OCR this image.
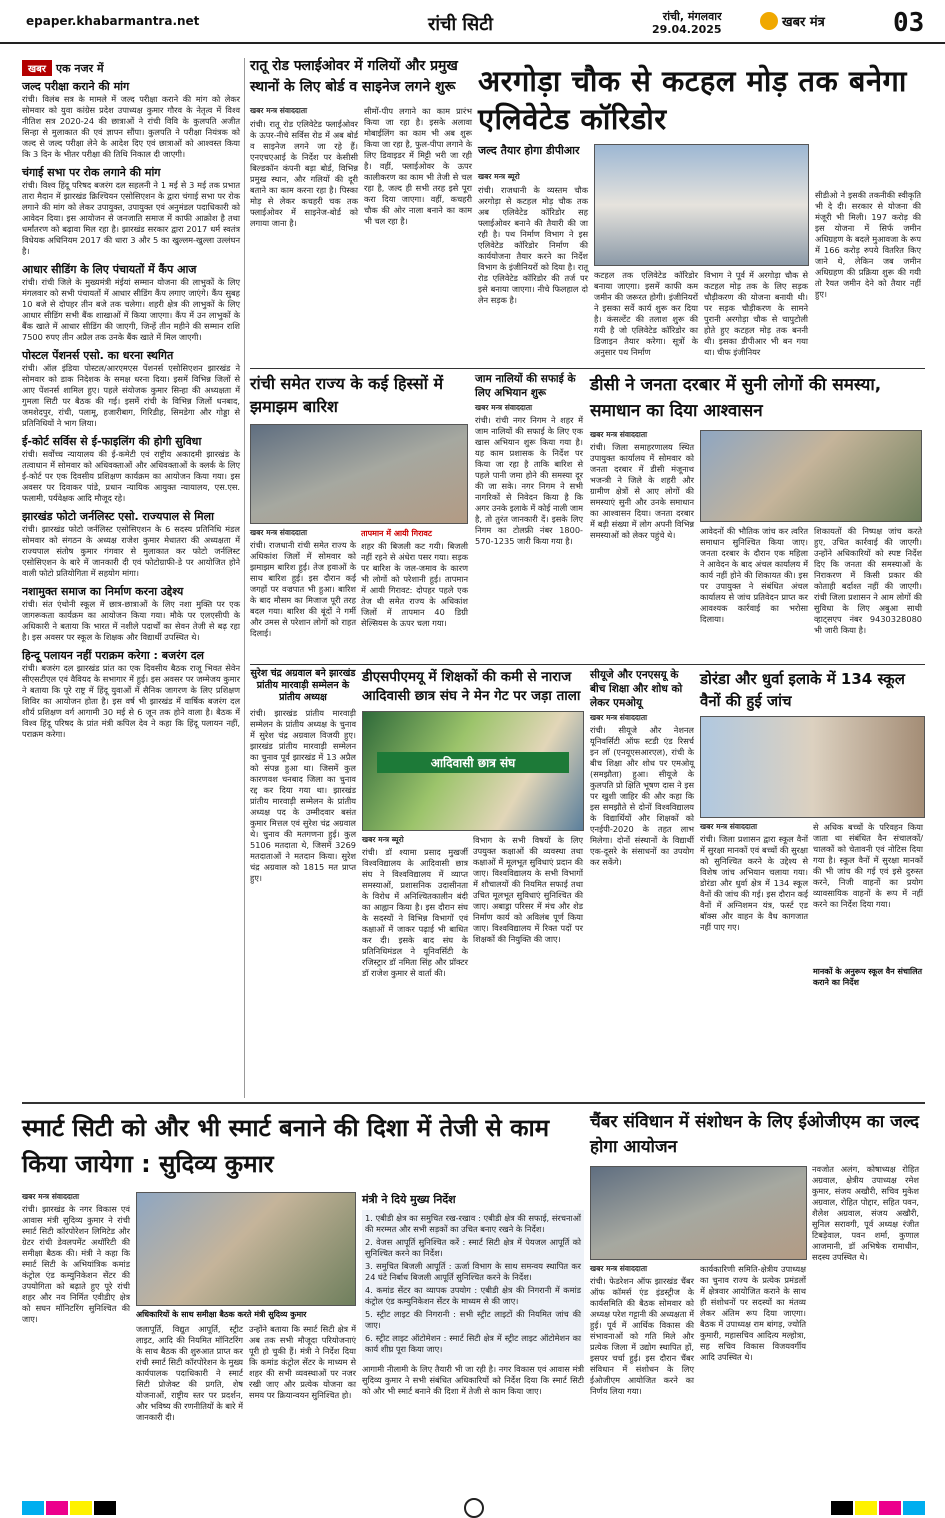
epaper.khabarmantra.net	रांची सिटी	रांची, मंगलवार
29.04.2025	खबर मंत्र	03
खबर एक नजर में
जल्द परीक्षा कराने की मांग
रांची। विलंब सत्र के मामले में जल्द परीक्षा कराने की मांग को लेकर सोमवार को युवा कांग्रेस प्रदेश उपाध्यक्ष कुमार गौरव के नेतृत्व में विश्व नीतिश सत्र 2020-24 की छात्राओं ने रांची विवि के कुलपति अजीत सिन्हा से मुलाकात की एवं ज्ञापन सौंपा। कुलपति ने परीक्षा नियंत्रक को जल्द से जल्द परीक्षा लेने के आदेश दिए एवं छात्राओं को आश्वस्त किया कि 3 दिन के भीतर परीक्षा की तिथि निकाल दी जाएगी।
चंगाई सभा पर रोक लगाने की मांग
रांची। विश्व हिंदू परिषद बजरंग दल सहलनी ने 1 मई से 3 मई तक प्रभात तारा मैदान में झारखंड क्रिश्चियन एसोसिएशन के द्वारा चंगाई सभा पर रोक लगाने की मांग को लेकर उपायुक्त, उपायुक्त एवं अनुमंडल पदाधिकारी को आवेदन दिया। इस आयोजन से जनजाति समाज में काफी आक्रोश है तथा धर्मांतरण को बढ़ावा मिल रहा है। झारखंड सरकार द्वारा 2017 धर्म स्वतंत्र विधेयक अधिनियम 2017 की धारा 3 और 5 का खुल्लम-खुल्ला उल्लंघन है।
आधार सीडिंग के लिए पंचायतों में कैंप आज
रांची। रांची जिले के मुख्यमंत्री मंईयां सम्मान योजना की लाभुकों के लिए मंगलवार को सभी पंचायतों में आधार सीडिंग कैंप लगाए जाएंगे। कैंप सुबह 10 बजे से दोपहर तीन बजे तक चलेगा। शहरी क्षेत्र की लाभुकों के लिए आधार सीडिंग सभी बैंक शाखाओं में किया जाएगा। कैंप में उन लाभुकों के बैंक खाते में आधार सीडिंग की जाएगी, जिन्हें तीन महीने की सम्मान राशि 7500 रुपए तीन अप्रैल तक उनके बैंक खाते में मिल जाएगी।
पोस्टल पेंशनर्स एसो. का धरना स्थगित
रांची। ऑल इंडिया पोस्टल/आरएमएस पेंशनर्स एसोसिएशन झारखंड ने सोमवार को डाक निदेशक के समक्ष धरना दिया। इसमें विभिन्न जिलों से आए पेंशनर्स शामिल हुए। पहले संयोजक कुमार सिन्हा की अध्यक्षता में गुमला सिटी पर बैठक की गई। इसमें रांची के विभिन्न जिलों धनबाद, जमशेदपुर, रांची, पलामू, हजारीबाग, गिरिडीह, सिमडेगा और गोड्डा से प्रतिनिधियों ने भाग लिया।
ई-कोर्ट सर्विस से ई-फाइलिंग की होगी सुविधा
रांची। सर्वोच्च न्यायालय की ई-कमेटी एवं राष्ट्रीय अकादमी झारखंड के तत्वाधान में सोमवार को अधिवक्ताओं और अधिवक्ताओं के क्लर्क के लिए ई-कोर्ट पर एक दिवसीय प्रशिक्षण कार्यक्रम का आयोजन किया गया। इस अवसर पर दिवाकर पांडे, प्रधान न्यायिक आयुक्त न्यायालय, एस.एस. फलामी, पर्यवेक्षक आदि मौजूद रहे।
झारखंड फोटो जर्नलिस्ट एसो. राज्यपाल से मिला
रांची। झारखंड फोटो जर्नलिस्ट एसोसिएशन के 6 सदस्य प्रतिनिधि मंडल सोमवार को संगठन के अध्यक्ष राजेश कुमार मेधातरा की अध्यक्षता में राज्यपाल संतोष कुमार गंगवार से मुलाकात कर फोटो जर्नलिस्ट एसोसिएशन के बारे में जानकारी दी एवं फोटोग्राफी-डे पर आयोजित होने वाली फोटो प्रतियोगिता में सहयोग मांगा।
नशामुक्त समाज का निर्माण करना उद्देश्य
रांची। संत एंथोनी स्कूल में छात्र-छात्राओं के लिए नशा मुक्ति पर एक जागरूकता कार्यक्रम का आयोजन किया गया। मौके पर एलएसीपी के अधिकारी ने बताया कि भारत में नशीले पदार्थों का सेवन तेजी से बढ़ रहा है। इस अवसर पर स्कूल के शिक्षक और विद्यार्थी उपस्थित थे।
हिन्दू पलायन नहीं पराक्रम करेगा : बजरंग दल
रांची। बजरंग दल झारखंड प्रांत का एक दिवसीय बैठक राजू भिवत सेवेन सीएसटीएल एवं वैवियद के सभागार में हुई। इस अवसर पर जम्मेजय कुमार ने बताया कि पूरे राष्ट्र में हिंदू युवाओं में सैनिक जागरण के लिए प्रशिक्षण शिविर का आयोजन होता है। इस वर्ष भी झारखंड में वार्षिक बजरंग दल शौर्य प्रशिक्षण वर्ग आगामी 30 मई से 6 जून तक होने वाला है। बैठक में विश्व हिंदू परिषद के प्रांत मंत्री कपिल देव ने कहा कि हिंदू पलायन नहीं, पराक्रम करेगा।
रातू रोड फ्लाईओवर में गलियों और प्रमुख स्थानों के लिए बोर्ड व साइनेज लगने शुरू
खबर मन्त्र संवाददाता
रांची। रातू रोड एलिवेटेड फ्लाईओवर के ऊपर-नीचे सर्विस रोड में अब बोर्ड व साइनेज लगने जा रहे हैं। एनएचएआई के निर्देश पर केसीसी बिल्डकॉन कंपनी बड़ा बोर्ड, विभिन्न प्रमुख स्थान, और गलियों की दूरी बताने का काम करना रहा है। पिस्का मोड़ से लेकर कचहरी चक तक फ्लाईओवर में साइनेज-बोर्ड को लगाया जाना है।
सीमों-पीप लगाने का काम प्रारंभ किया जा रहा है। इसके अलावा मोबाईलिंग का काम भी अब शुरू किया जा रहा है, फुल-पीपा लगाने के लिए डिवाइडर में मिट्टी भरी जा रही है। वहीं, फ्लाईओवर के ऊपर कालीकरण का काम भी तेजी से चल रहा है, जल्द ही सभी तरह इसे पूरा करा दिया जाएगा। वहीं, कचहरी चौक की ओर नाला बनाने का काम भी चल रहा है।
अरगोड़ा चौक से कटहल मोड़ तक बनेगा एलिवेटेड कॉरिडोर
जल्द तैयार होगा डीपीआर
खबर मन्त्र ब्यूरो
रांची। राजधानी के व्यस्तम चौक अरगोड़ा से कटहल मोड़ चौक तक अब एलिवेटेड कॉरिडोर सह फ्लाईओवर बनाने की तैयारी की जा रही है। पथ निर्माण विभाग ने इस एलिवेटेड कॉरिडोर निर्माण की कार्ययोजना तैयार करने का निर्देश विभाग के इंजीनियरों को दिया है। रातू रोड एलिवेटेड कॉरिडोर की तर्ज पर इसे बनाया जाएगा। नीचे फिलहाल दो लेन सड़क है।
कटहल तक एलिवेटेड कॉरिडोर बनाया जाएगा। इसमें काफी कम जमीन की जरूरत होगी। इंजीनियरों ने इसका सर्वे कार्य शुरू कर दिया है। कंसल्टेंट की तलाश शुरू की गयी है जो एलिवेटेड कॉरिडोर का डिजाइन तैयार करेगा। सूत्रों के अनुसार पथ निर्माण
विभाग ने पूर्व में अरगोड़ा चौक से कटहल मोड़ तक के लिए सड़क चौड़ीकरण की योजना बनायी थी। पर सड़क चौड़ीकरण के सामने पुरानी अरगोड़ा चौक से चापुटोली होते हुए कटहल मोड़ तक बननी थी। इसका डीपीआर भी बन गया था। चीफ इंजीनियर
सीडीओ ने इसकी तकनीकी स्वीकृति भी दे दी। सरकार से योजना की मंजूरी भी मिली। 197 करोड़ की इस योजना में सिर्फ जमीन अधिग्रहण के बदले मुआवजा के रूप में 166 करोड़ रुपये वितरित किए जाने थे, लेकिन जब जमीन अधिग्रहण की प्रक्रिया शुरू की गयी तो रैयत जमीन देने को तैयार नहीं हुए।
रांची समेत राज्य के कई हिस्सों में झमाझम बारिश
खबर मन्त्र संवाददाता
रांची। राजधानी रांची समेत राज्य के अधिकांश जिलों में सोमवार को झमाझम बारिश हुई। तेज हवाओं के साथ बारिश हुई। इस दौरान कई जगहों पर वज्रपात भी हुआ। बारिश के बाद मौसम का मिजाज पूरी तरह बदल गया। बारिश की बूंदों ने गर्मी और उमस से परेशान लोगों को राहत दिलाई।
तापमान में आयी गिरावट
शहर की बिजली कट गयी। बिजली नहीं रहने से अंधेरा पसर गया। सड़क पर बारिश के जल-जमाव के कारण भी लोगों को परेशानी हुई। तापमान में आयी गिरावट: दोपहर पहले एक तेज थी समेत राज्य के अधिकांश जिलों में तापमान 40 डिग्री सेल्सियस के ऊपर चला गया।
जाम नालियों की सफाई के लिए अभियान शुरू
खबर मन्त्र संवाददाता
रांची। रांची नगर निगम ने शहर में जाम नालियों की सफाई के लिए एक खास अभियान शुरू किया गया है। यह काम प्रशासक के निर्देश पर किया जा रहा है ताकि बारिश से पहले पानी जमा होने की समस्या दूर की जा सके। नगर निगम ने सभी नागरिकों से निवेदन किया है कि अगर उनके इलाके में कोई नाली जाम है, तो तुरंत जानकारी दें। इसके लिए निगम का टोलफ्री नंबर 1800-570-1235 जारी किया गया है।
डीसी ने जनता दरबार में सुनी लोगों की समस्या, समाधान का दिया आश्वासन
खबर मन्त्र संवाददाता
रांची। जिला समाहरणालय स्थित उपायुक्त कार्यालय में सोमवार को जनता दरबार में डीसी मंजूनाथ भजन्त्री ने जिले के शहरी और ग्रामीण क्षेत्रों से आए लोगों की समस्याएं सुनी और उनके समाधान का आश्वासन दिया। जनता दरबार में बड़ी संख्या में लोग अपनी विभिन्न समस्याओं को लेकर पहुंचे थे।	आवेदनों की भौतिक जांच कर त्वरित समाधान सुनिश्चित किया जाए। जनता दरबार के दौरान एक महिला ने आवेदन के बाद अंचल कार्यालय में कार्य नहीं होने की शिकायत की। इस पर उपायुक्त ने संबंधित अंचल कार्यालय से जांच प्रतिवेदन प्राप्त कर आवश्यक कार्रवाई का भरोसा दिलाया।
शिकायतों की निष्पक्ष जांच करते हुए, उचित कार्रवाई की जाएगी। उन्होंने अधिकारियों को स्पष्ट निर्देश दिए कि जनता की समस्याओं के निराकरण में किसी प्रकार की कोताही बर्दाश्त नहीं की जाएगी। रांची जिला प्रशासन ने आम लोगों की सुविधा के लिए अबुआ साथी व्हाट्सएप नंबर 9430328080 भी जारी किया है।
सुरेश चंद्र अग्रवाल बने झारखंड प्रांतीय मारवाड़ी सम्मेलन के प्रांतीय अध्यक्ष
रांची। झारखंड प्रांतीय मारवाड़ी सम्मेलन के प्रांतीय अध्यक्ष के चुनाव में सुरेश चंद्र अग्रवाल विजयी हुए। झारखंड प्रांतीय मारवाड़ी सम्मेलन का चुनाव पूर्व झारखंड में 13 अप्रैल को संपन्न हुआ था। जिसमें कुल कारणवश चनबाद जिला का चुनाव रद्द कर दिया गया था। झारखंड प्रांतीय मारवाड़ी सम्मेलन के प्रांतीय अध्यक्ष पद के उम्मीदवार बसंत कुमार मित्तल एवं सुरेश चंद्र अग्रवाल थे। चुनाव की मतगणना हुई। कुल 5106 मतदाता थे, जिसमें 3269 मतदाताओं ने मतदान किया। सुरेश चंद्र अग्रवाल को 1815 मत प्राप्त हुए।
डीएसपीएमयू में शिक्षकों की कमी से नाराज आदिवासी छात्र संघ ने मेन गेट पर जड़ा ताला
आदिवासी छात्र संघ
खबर मन्त्र ब्यूरो
रांची। डॉ श्यामा प्रसाद मुखर्जी विश्वविद्यालय के आदिवासी छात्र संघ ने विश्वविद्यालय में व्याप्त समस्याओं, प्रशासनिक उदासीनता के विरोध में अनिश्चितकालीन बंदी का आह्वान किया है। इस दौरान संघ के सदस्यों ने विभिन्न विभागों एवं कक्षाओं में जाकर पढ़ाई भी बाधित कर दी। इसके बाद संघ के प्रतिनिधिमंडल ने यूनिवर्सिटी के रजिस्ट्रार डॉ नमिता सिंह और प्रॉक्टर डॉ राजेश कुमार से वार्ता की।
विभाग के सभी विषयों के लिए उपयुक्त कक्षाओं की व्यवस्था तथा कक्षाओं में मूलभूत सुविधाएं प्रदान की जाए। विश्वविद्यालय के सभी विभागों में शौचालयों की नियमित सफाई तथा उचित मूलभूत सुविधाएं सुनिश्चित की जाए। अबाड्रा परिसर में मंच और शेड निर्माण कार्य को अविलंब पूर्ण किया जाए। विश्वविद्यालय में रिक्त पदों पर शिक्षकों की नियुक्ति की जाए।
सीयूजे और एनएसयू के बीच शिक्षा और शोध को लेकर एमओयू
खबर मन्त्र संवाददाता
रांची। सीयूजे और नेशनल यूनिवर्सिटी ऑफ स्टडी एंड रिसर्च इन लॉ (एनयूएसआरएल), रांची के बीच शिक्षा और शोध पर एमओयू (समझौता) हुआ। सीयूजे के कुलपति प्रो क्षिति भूषण दास ने इस पर खुशी जाहिर की और कहा कि इस समझौते से दोनों विश्वविद्यालय के विद्यार्थियों और शिक्षकों को एनईपी-2020 के तहत लाभ मिलेगा। दोनों संस्थानों के विद्यार्थी एक-दूसरे के संसाधनों का उपयोग कर सकेंगे।
डोरंडा और धुर्वा इलाके में 134 स्कूल वैनों की हुई जांच
खबर मन्त्र संवाददाता
रांची। जिला प्रशासन द्वारा स्कूल वैनों में सुरक्षा मानकों एवं बच्चों की सुरक्षा को सुनिश्चित करने के उद्देश्य से विशेष जांच अभियान चलाया गया। डोरंडा और धुर्वा क्षेत्र में 134 स्कूल वैनों की जांच की गई। इस दौरान कई वैनों में अग्निशमन यंत्र, फर्स्ट एड बॉक्स और वाहन के वैध कागजात नहीं पाए गए।
से अधिक बच्चों के परिवहन किया जाता था संबंधित वैन संचालकों/ चालकों को चेतावनी एवं नोटिस दिया गया है। स्कूल वैनों में सुरक्षा मानकों की भी जांच की गई एवं इसे दुरुस्त करने, निजी वाहनों का प्रयोग व्यावसायिक वाहनों के रूप में नहीं करने का निर्देश दिया गया।
मानकों के अनुरूप स्कूल वैन संचालित कराने का निर्देश
स्मार्ट सिटी को और भी स्मार्ट बनाने की दिशा में तेजी से काम किया जायेगा : सुदिव्य कुमार
खबर मन्त्र संवाददाता
रांची। झारखंड के नगर विकास एवं आवास मंत्री सुदिव्य कुमार ने रांची स्मार्ट सिटी कॉरपोरेशन लिमिटेड और ग्रेटर रांची डेवलपमेंट अथॉरिटी की समीक्षा बैठक की। मंत्री ने कहा कि स्मार्ट सिटी के अभियांत्रिक कमांड कंट्रोल एंड कम्युनिकेशन सेंटर की उपयोगिता को बढ़ाते हुए पूरे रांची शहर और नव निर्मित एवीडीए क्षेत्र को सघन मॉनिटरिंग सुनिश्चित की जाए।	अधिकारियों के साथ समीक्षा बैठक करते मंत्री सुदिव्य कुमार
जलापूर्ति, विद्युत आपूर्ति, स्ट्रीट लाइट, आदि की नियमित मॉनिटरिंग के साथ बैठक की शुरुआत प्राप्त कर रांची स्मार्ट सिटी कॉरपोरेशन के मुख्य कार्यपालक पदाधिकारी ने स्मार्ट सिटी प्रोजेक्ट की प्रगति, शेष योजनाओं, राष्ट्रीय स्तर पर प्रदर्शन, और भविष्य की रणनीतियों के बारे में जानकारी दी।
उन्होंने बताया कि स्मार्ट सिटी क्षेत्र में अब तक सभी मौजूदा परियोजनाएं पूरी हो चुकी हैं। मंत्री ने निर्देश दिया कि कमांड कंट्रोल सेंटर के माध्यम से शहर की सभी व्यवस्थाओं पर नजर रखी जाए और प्रत्येक योजना का समय पर क्रियान्वयन सुनिश्चित हो।
मंत्री ने दिये मुख्य निर्देश
1. एबीडी क्षेत्र का समुचित रख-रखाव : एबीडी क्षेत्र की सफाई, संरचनाओं की मरम्मत और सभी सड़कों का उचित बनाए रखने के निर्देश।
2. वेजस आपूर्ति सुनिश्चित करें : स्मार्ट सिटी क्षेत्र में पेयजल आपूर्ति को सुनिश्चित करने का निर्देश।
3. समुचित बिजली आपूर्ति : ऊर्जा विभाग के साथ समन्वय स्थापित कर 24 घंटे निर्बाध बिजली आपूर्ति सुनिश्चित करने के निर्देश।
4. कमांड सेंटर का व्यापक उपयोग : एबीडी क्षेत्र की निगरानी में कमांड कंट्रोल एंड कम्युनिकेशन सेंटर के माध्यम से की जाए।
5. स्ट्रीट लाइट की निगरानी : सभी स्ट्रीट लाइटों की नियमित जांच की जाए।
6. स्ट्रीट लाइट ऑटोमेशन : स्मार्ट सिटी क्षेत्र में स्ट्रीट लाइट ऑटोमेशन का कार्य शीघ्र पूरा किया जाए।
आगामी नीलामी के लिए तैयारी भी जा रही है। नगर विकास एवं आवास मंत्री सुदिव्य कुमार ने सभी संबंधित अधिकारियों को निर्देश दिया कि स्मार्ट सिटी को और भी स्मार्ट बनाने की दिशा में तेजी से काम किया जाए।
चैंबर संविधान में संशोधन के लिए ईओजीएम का जल्द होगा आयोजन
खबर मन्त्र संवाददाता
रांची। फेडरेशन ऑफ झारखंड चैंबर ऑफ कॉमर्स एंड इंडस्ट्रीज के कार्यसमिति की बैठक सोमवार को अध्यक्ष परेश गट्टानी की अध्यक्षता में हुई। पूर्व में आर्थिक विकास की संभावनाओं को गति मिले और प्रत्येक जिला में उद्योग स्थापित हों, इसपर चर्चा हुई। इस दौरान चैंबर संविधान में संशोधन के लिए ईओजीएम आयोजित करने का निर्णय लिया गया।
कार्यकारिणी समिति-क्षेत्रीय उपाध्यक्ष का चुनाव राज्य के प्रत्येक प्रमंडलों में क्षेत्रवार आयोजित कराने के साथ ही संशोधनों पर सदस्यों का मंतव्य लेकर अंतिम रूप दिया जाएगा। बैठक में उपाध्यक्ष राम बांगड़, ज्योति कुमारी, महासचिव आदित्य मल्होत्रा, सह सचिव विकास विजयवर्गीय आदि उपस्थित थे।
नवजोत अलंग, कोषाध्यक्ष रोहित अग्रवाल, क्षेत्रीय उपाध्यक्ष रमेश कुमार, संजय अखौरी, सचिव मुकेश अग्रवाल, रोहित पोद्दार, सहित पवन, शैलेश अग्रवाल, संजय अखौरी, सुनिल सरावगी, पूर्व अध्यक्ष रंजीत टिबड़ेवाल, पवन शर्मा, कुणाल आजमानी, डॉ अभिषेक रामाधीन, सदस्य उपस्थित थे।
